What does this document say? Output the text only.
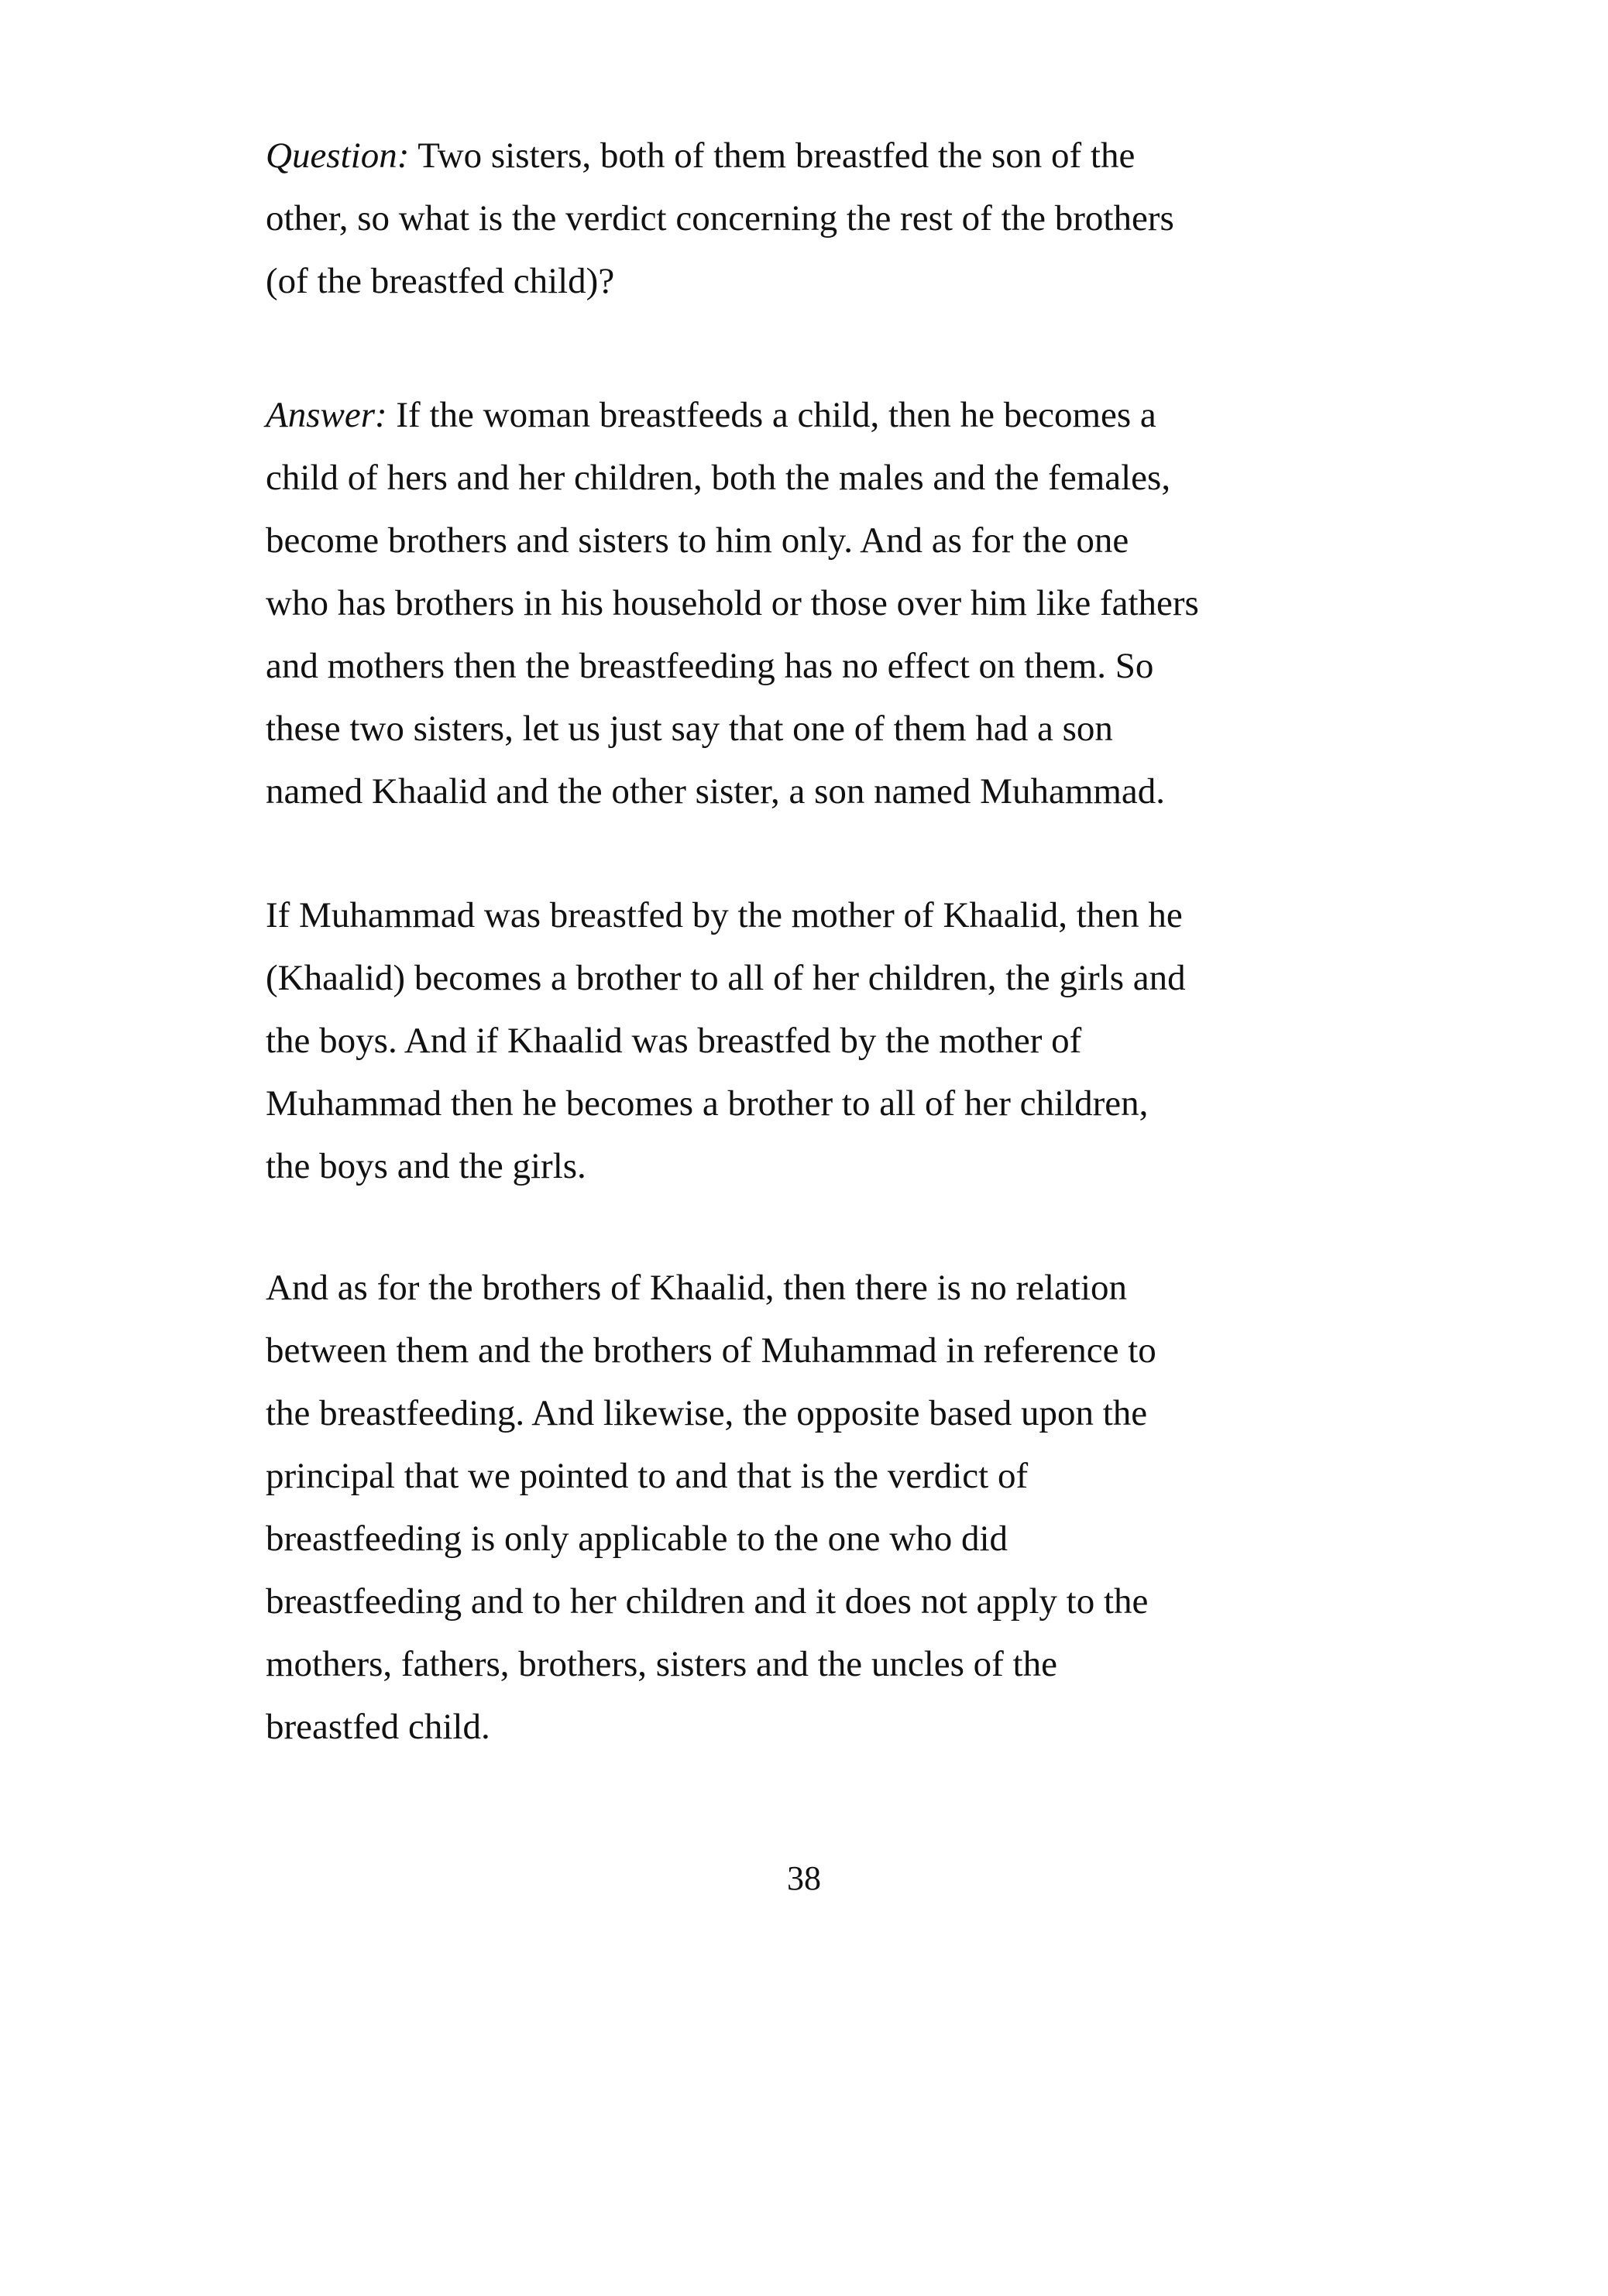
Question: Two sisters, both of them breastfed the son of the
other, so what is the verdict concerning the rest of the brothers
(of the breastfed child)?

Answer: If the woman breastfeeds a child, then he becomes a
child of hers and her children, both the males and the females,
become brothers and sisters to him only. And as for the one
who has brothers in his household or those over him like fathers
and mothers then the breastfeeding has no effect on them. So
these two sisters, let us just say that one of them had a son
named Khaalid and the other sister, a son named Muhammad.

If Muhammad was breastfed by the mother of Khaalid, then he
(Khaalid) becomes a brother to all of her children, the girls and
the boys. And if Khaalid was breastfed by the mother of
Muhammad then he becomes a brother to all of her children,
the boys and the girls.

And as for the brothers of Khaalid, then there is no relation
between them and the brothers of Muhammad in reference to
the breastfeeding. And likewise, the opposite based upon the
principal that we pointed to and that is the verdict of
breastfeeding is only applicable to the one who did
breastfeeding and to her children and it does not apply to the
mothers, fathers, brothers, sisters and the uncles of the
breastfed child.

38
